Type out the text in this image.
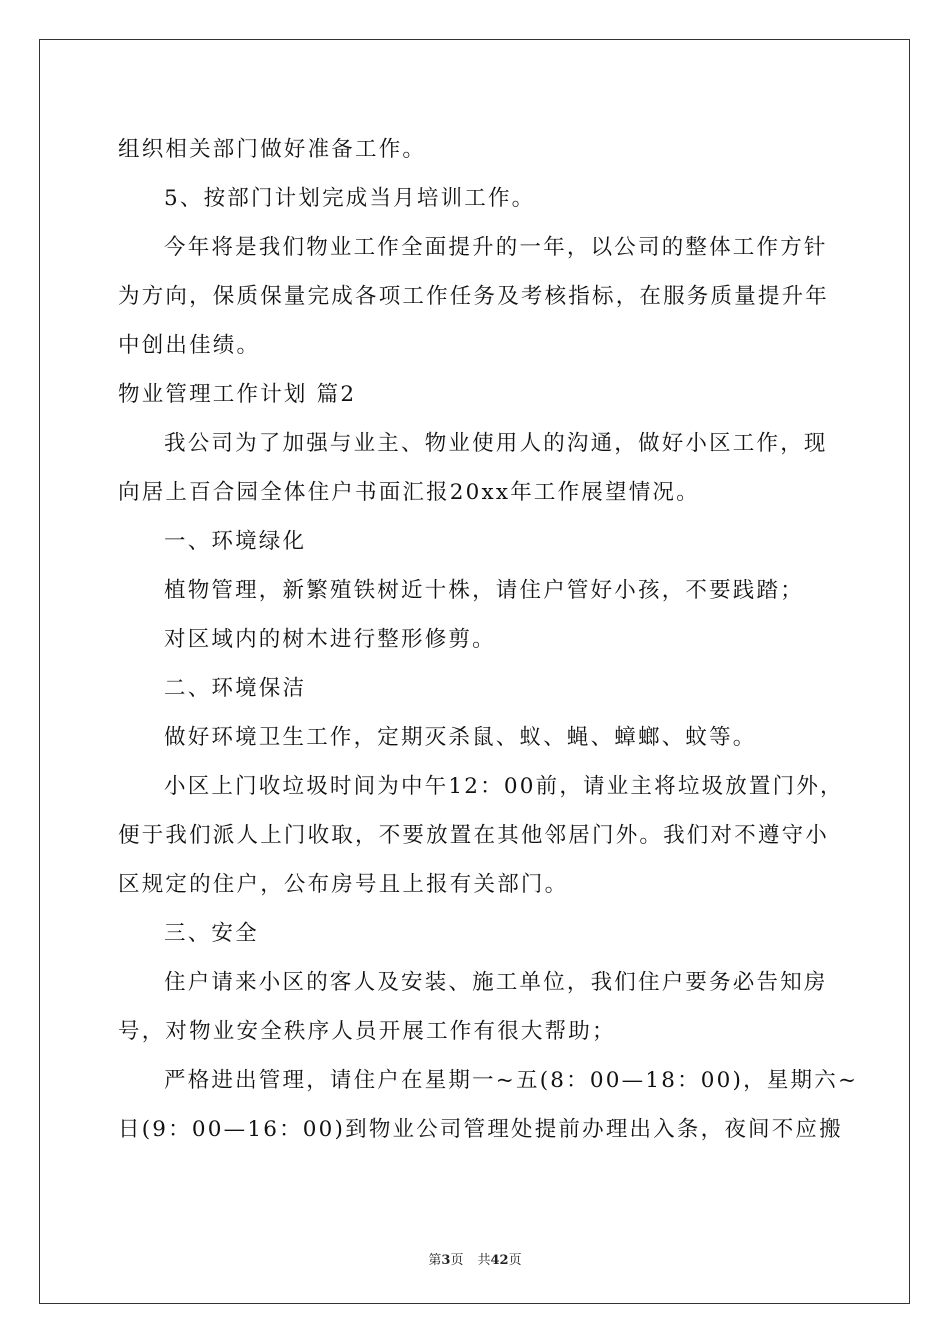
组织相关部门做好准备工作。

5、按部门计划完成当月培训工作。

今年将是我们物业工作全面提升的一年，以公司的整体工作方针

为方向，保质保量完成各项工作任务及考核指标，在服务质量提升年

中创出佳绩。

物业管理工作计划 篇2

我公司为了加强与业主、物业使用人的沟通，做好小区工作，现

向居上百合园全体住户书面汇报20xx年工作展望情况。

一、环境绿化

植物管理，新繁殖铁树近十株，请住户管好小孩，不要践踏；

对区域内的树木进行整形修剪。

二、环境保洁

做好环境卫生工作，定期灭杀鼠、蚁、蝇、蟑螂、蚊等。

小区上门收垃圾时间为中午12：00前，请业主将垃圾放置门外，

便于我们派人上门收取，不要放置在其他邻居门外。我们对不遵守小

区规定的住户，公布房号且上报有关部门。

三、安全

住户请来小区的客人及安装、施工单位，我们住户要务必告知房

号，对物业安全秩序人员开展工作有很大帮助；

严格进出管理，请住户在星期一~五(8：00—18：00)，星期六~

日(9：00—16：00)到物业公司管理处提前办理出入条，夜间不应搬

第3页 共42页
